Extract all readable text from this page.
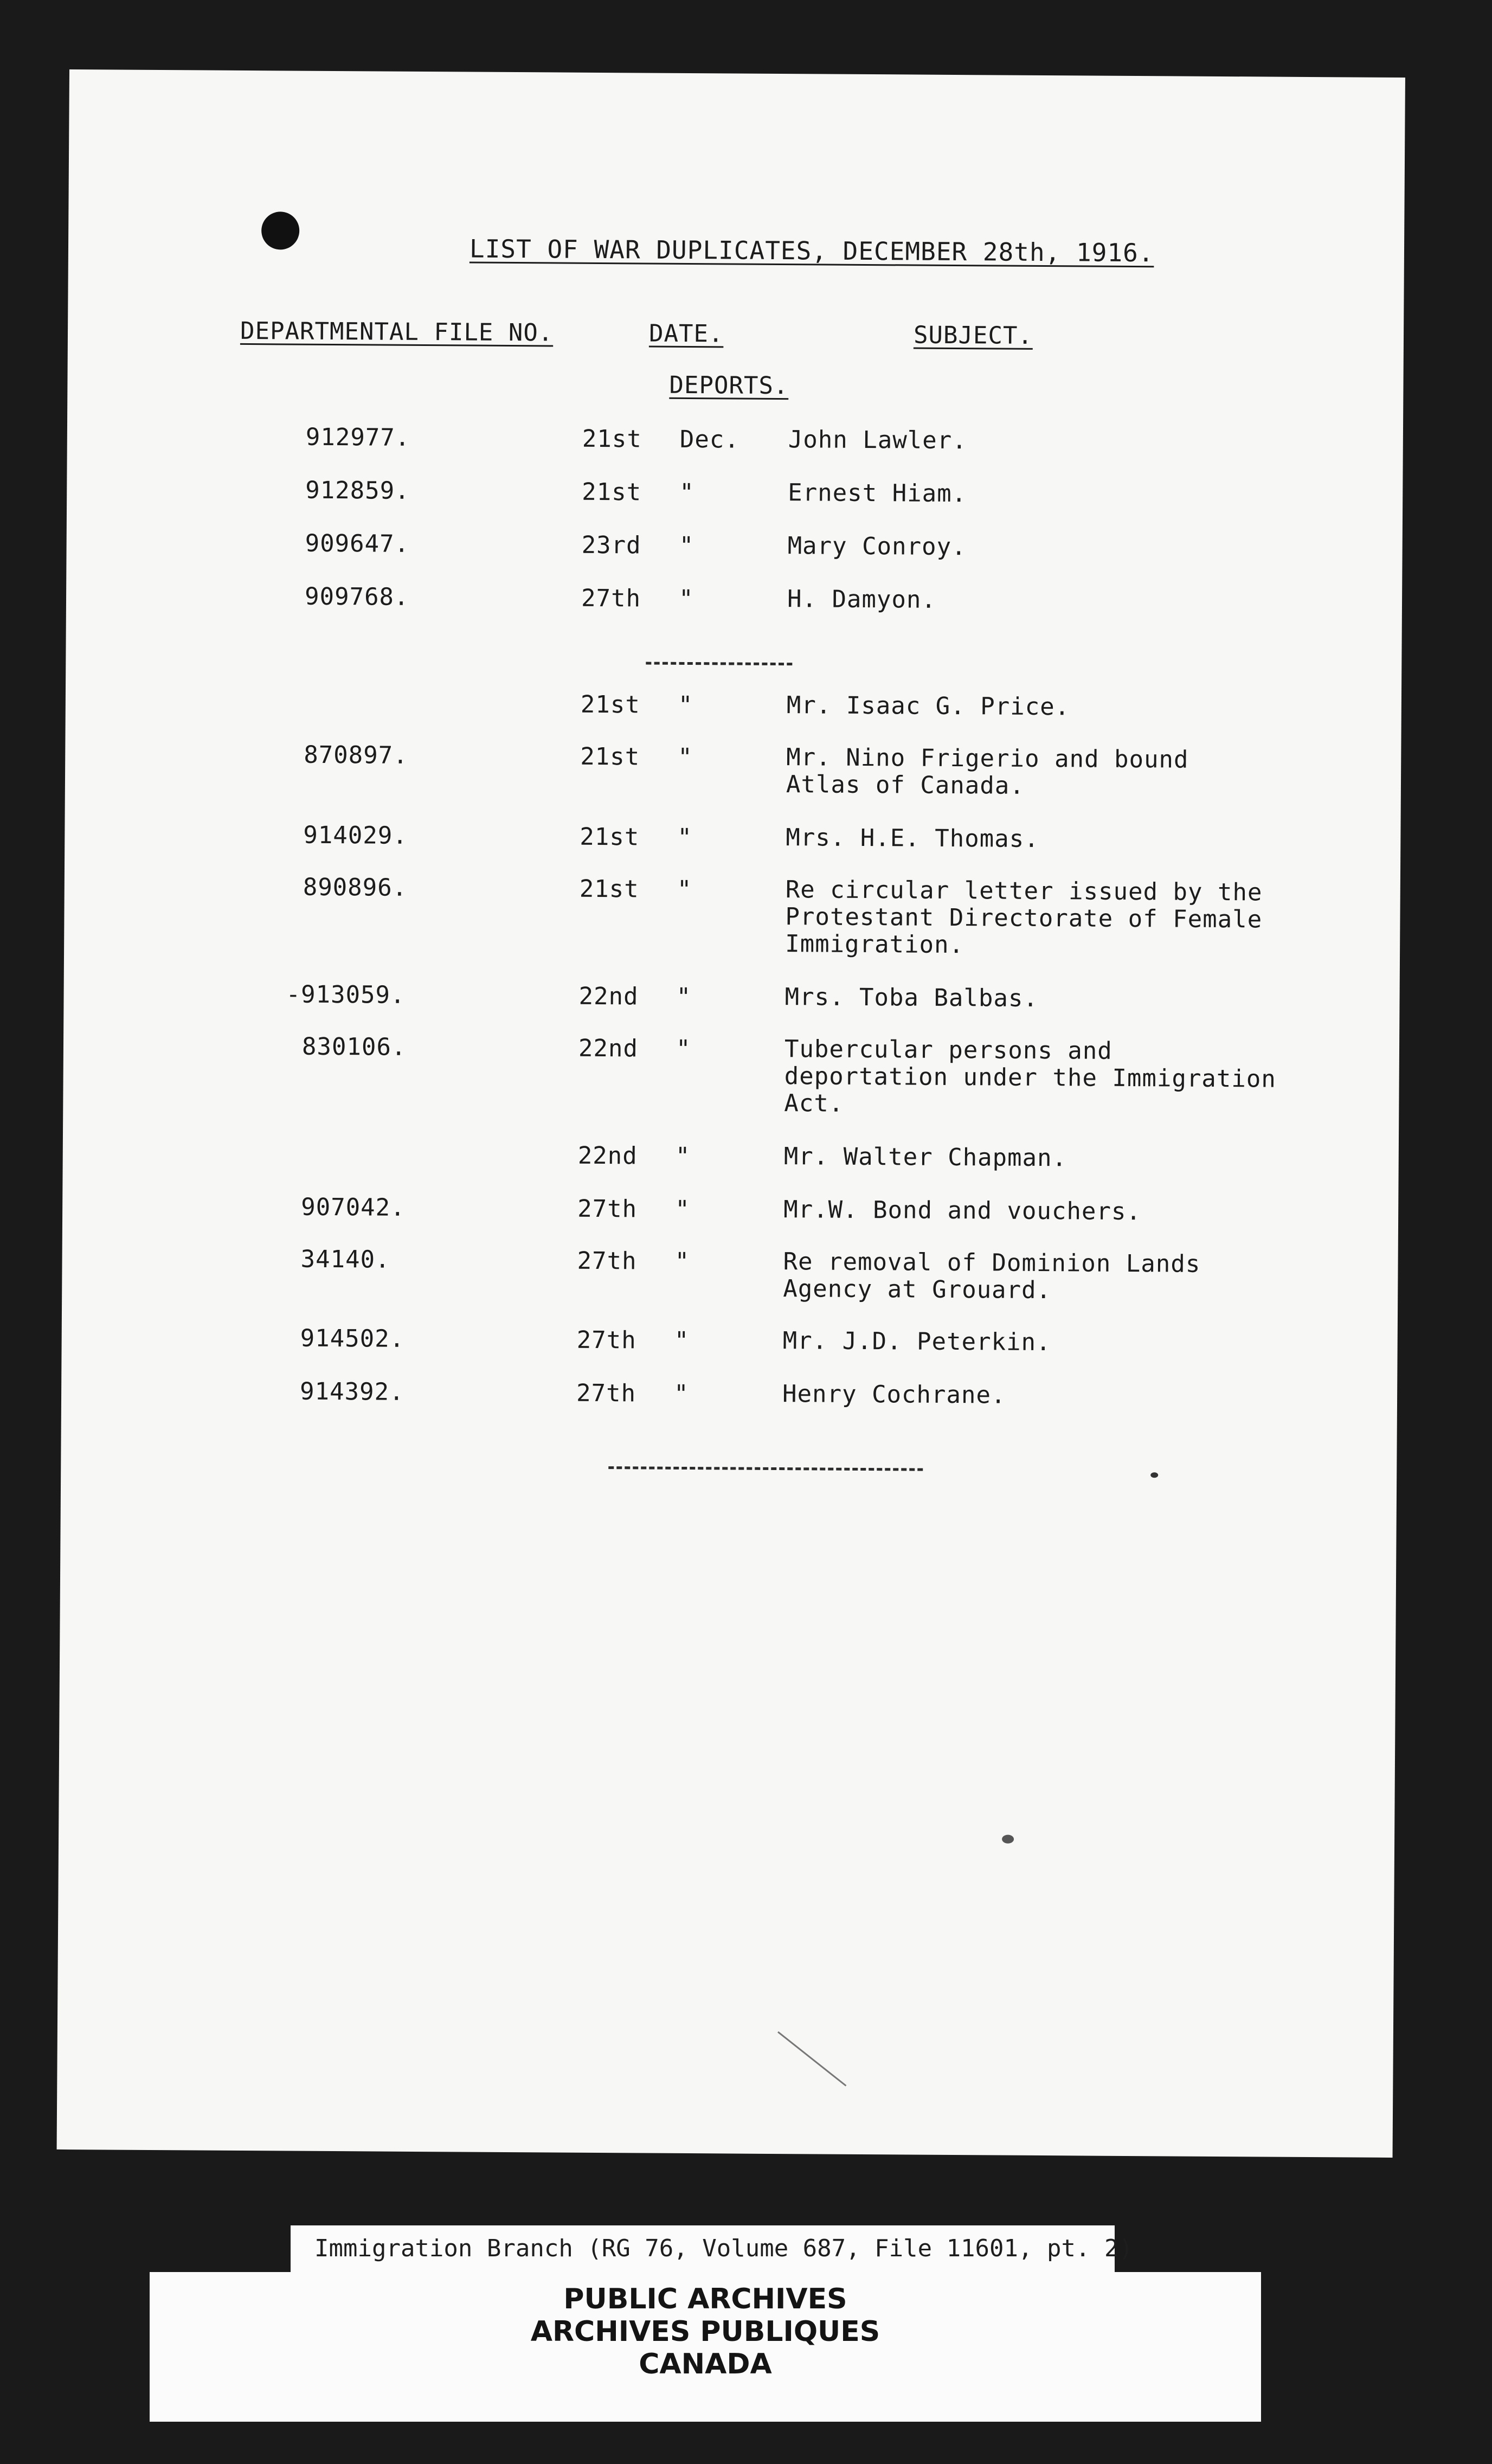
LIST OF WAR DUPLICATES, DECEMBER 28th, 1916.
DEPARTMENTAL FILE NO.	DATE.	SUBJECT.
DEPORTS.
912977.	21st Dec. John Lawler.
912859.	21st "	Ernest Hiam.
909647.	23rd "	Mary Conroy.
909768.	27th "	H. Damyon.
21st "	Mr. Isaac G. Price.
870897.	21st "	Mr. Nino Frigerio and bound
Atlas of Canada.
914029.	21st "	Mrs. H.E. Thomas.
890896.	21st "	Re circular letter issued by the
Protestant Directorate of Female
Immigration.
-913059.	22nd "	Mrs. Toba Balbas.
830106.	22nd "	Tubercular persons and
deportation under the Immigration
Act.
22nd "	Mr. Walter Chapman.
907042.	27th "	Mr.W. Bond and vouchers.
34140.	27th "	Re removal of Dominion Lands
Agency at Grouard.
914502.	27th "	Mr. J.D. Peterkin.
914392.	27th "	Henry Cochrane.
Immigration Branch (RG 76, Volume 687, File 11601, pt. 2)
PUBLIC ARCHIVES
ARCHIVES PUBLIQUES
CANADA
